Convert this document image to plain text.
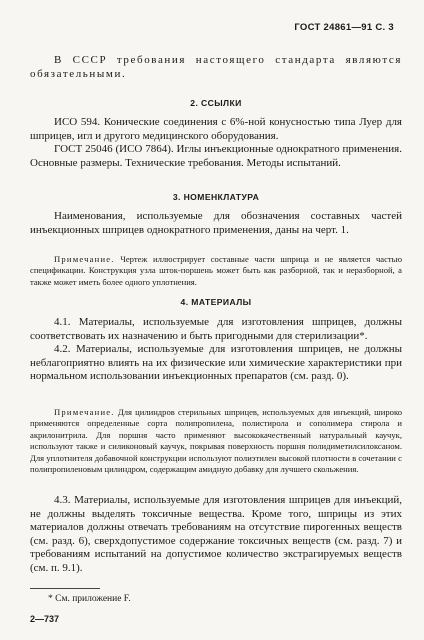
ГОСТ 24861—91 С. 3

В СССР требования настоящего стандарта являются обязательными.

2. ССЫЛКИ

ИСО 594. Конические соединения с 6%-ной конусностью типа Луер для шприцев, игл и другого медицинского оборудования.

ГОСТ 25046 (ИСО 7864). Иглы инъекционные однократного применения. Основные размеры. Технические требования. Методы испытаний.

3. НОМЕНКЛАТУРА

Наименования, используемые для обозначения составных частей инъекционных шприцев однократного применения, даны на черт. 1.

Примечание. Чертеж иллюстрирует составные части шприца и не является частью спецификации. Конструкция узла шток-поршень может быть как разборной, так и неразборной, а также может иметь более одного уплотнения.

4. МАТЕРИАЛЫ

4.1. Материалы, используемые для изготовления шприцев, должны соответствовать их назначению и быть пригодными для стерилизации*.

4.2. Материалы, используемые для изготовления шприцев, не должны неблагоприятно влиять на их физические или химические характеристики при нормальном использовании инъекционных препаратов (см. разд. 0).

Примечание. Для цилиндров стерильных шприцев, используемых для инъекций, широко применяются определенные сорта полипропилена, полистирола и сополимера стирола и акрилонитрила. Для поршня часто применяют высококачественный натуральный каучук, используют также и силиконовый каучук, покрывая поверхность поршня полидиметилсилоксаном. Для уплотнителя добавочной конструкции используют полиэтилен высокой плотности в сочетании с полипропиленовым цилиндром, содержащим амидную добавку для лучшего скольжения.

4.3. Материалы, используемые для изготовления шприцев для инъекций, не должны выделять токсичные вещества. Кроме того, шприцы из этих материалов должны отвечать требованиям на отсутствие пирогенных веществ (см. разд. 6), сверхдопустимое содержание токсичных веществ (см. разд. 7) и требованиям испытаний на допустимое количество экстрагируемых веществ (см. п. 9.1).

* См. приложение F.
2—737
